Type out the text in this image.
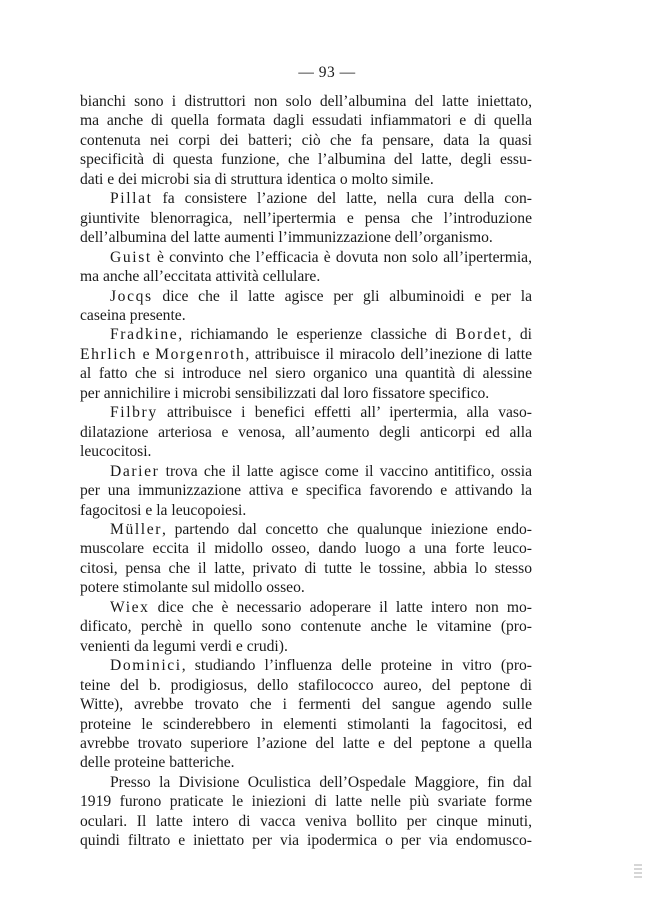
— 93 —

bianchi sono i distruttori non solo dell’albumina del latte iniettato,
ma anche di quella formata dagli essudati infiammatori e di quella
contenuta nei corpi dei batteri; ciò che fa pensare, data la quasi
specificità di questa funzione, che l’albumina del latte, degli essu-
dati e dei microbi sia di struttura identica o molto simile.

Pillat fa consistere l’azione del latte, nella cura della con-
giuntivite blenorragica, nell’ipertermia e pensa che l’introduzione
dell’albumina del latte aumenti l’immunizzazione dell’organismo.

Guist è convinto che l’efficacia è dovuta non solo all’ipertermia,
ma anche all’eccitata attività cellulare.

Jocqs dice che il latte agisce per gli albuminoidi e per la
caseina presente.

Fradkine, richiamando le esperienze classiche di Bordet, di
Ehrlich e Morgenroth, attribuisce il miracolo dell’inezione di latte
al fatto che si introduce nel siero organico una quantità di alessine
per annichilire i microbi sensibilizzati dal loro fissatore specifico.

Filbry attribuisce i benefici effetti all’ ipertermia, alla vaso-
dilatazione arteriosa e venosa, all’aumento degli anticorpi ed alla
leucocitosi.

Darier trova che il latte agisce come il vaccino antitifico, ossia
per una immunizzazione attiva e specifica favorendo e attivando la
fagocitosi e la leucopoiesi.

Müller, partendo dal concetto che qualunque iniezione endo-
muscolare eccita il midollo osseo, dando luogo a una forte leuco-
citosi, pensa che il latte, privato di tutte le tossine, abbia lo stesso
potere stimolante sul midollo osseo.

Wiex dice che è necessario adoperare il latte intero non mo-
dificato, perchè in quello sono contenute anche le vitamine (pro-
venienti da legumi verdi e crudi).

Dominici, studiando l’influenza delle proteine in vitro (pro-
teine del b. prodigiosus, dello stafilococco aureo, del peptone di
Witte), avrebbe trovato che i fermenti del sangue agendo sulle
proteine le scinderebbero in elementi stimolanti la fagocitosi, ed
avrebbe trovato superiore l’azione del latte e del peptone a quella
delle proteine batteriche.

Presso la Divisione Oculistica dell’Ospedale Maggiore, fin dal
1919 furono praticate le iniezioni di latte nelle più svariate forme
oculari. Il latte intero di vacca veniva bollito per cinque minuti,
quindi filtrato e iniettato per via ipodermica o per via endomusco-
